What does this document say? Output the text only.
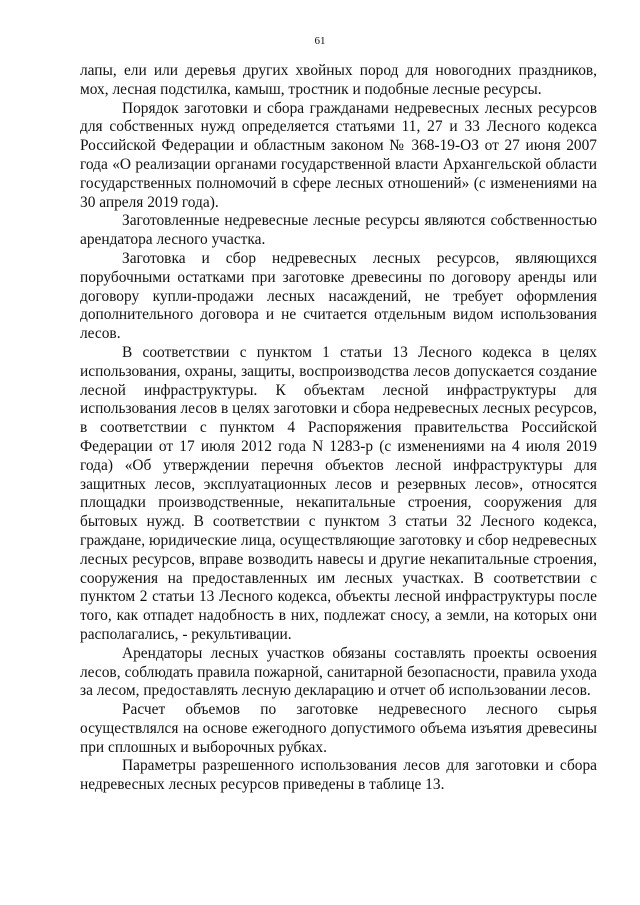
61

лапы, ели или деревья других хвойных пород для новогодних праздников, мох, лесная подстилка, камыш, тростник и подобные лесные ресурсы.

Порядок заготовки и сбора гражданами недревесных лесных ресурсов для собственных нужд определяется статьями 11, 27 и 33 Лесного кодекса Российской Федерации и областным законом № 368-19-ОЗ от 27 июня 2007 года «О реализации органами государственной власти Архангельской области государственных полномочий в сфере лесных отношений» (с изменениями на 30 апреля 2019 года).

Заготовленные недревесные лесные ресурсы являются собственностью арендатора лесного участка.

Заготовка и сбор недревесных лесных ресурсов, являющихся порубочными остатками при заготовке древесины по договору аренды или договору купли-продажи лесных насаждений, не требует оформления дополнительного договора и не считается отдельным видом использования лесов.

В соответствии с пунктом 1 статьи 13 Лесного кодекса в целях использования, охраны, защиты, воспроизводства лесов допускается создание лесной инфраструктуры. К объектам лесной инфраструктуры для использования лесов в целях заготовки и сбора недревесных лесных ресурсов, в соответствии с пунктом 4 Распоряжения правительства Российской Федерации от 17 июля 2012 года N 1283-р (с изменениями на 4 июля 2019 года) «Об утверждении перечня объектов лесной инфраструктуры для защитных лесов, эксплуатационных лесов и резервных лесов», относятся площадки производственные, некапитальные строения, сооружения для бытовых нужд. В соответствии с пунктом 3 статьи 32 Лесного кодекса, граждане, юридические лица, осуществляющие заготовку и сбор недревесных лесных ресурсов, вправе возводить навесы и другие некапитальные строения, сооружения на предоставленных им лесных участках. В соответствии с пунктом 2 статьи 13 Лесного кодекса, объекты лесной инфраструктуры после того, как отпадет надобность в них, подлежат сносу, а земли, на которых они располагались, - рекультивации.

Арендаторы лесных участков обязаны составлять проекты освоения лесов, соблюдать правила пожарной, санитарной безопасности, правила ухода за лесом, предоставлять лесную декларацию и отчет об использовании лесов.

Расчет объемов по заготовке недревесного лесного сырья осуществлялся на основе ежегодного допустимого объема изъятия древесины при сплошных и выборочных рубках.

Параметры разрешенного использования лесов для заготовки и сбора недревесных лесных ресурсов приведены в таблице 13.
